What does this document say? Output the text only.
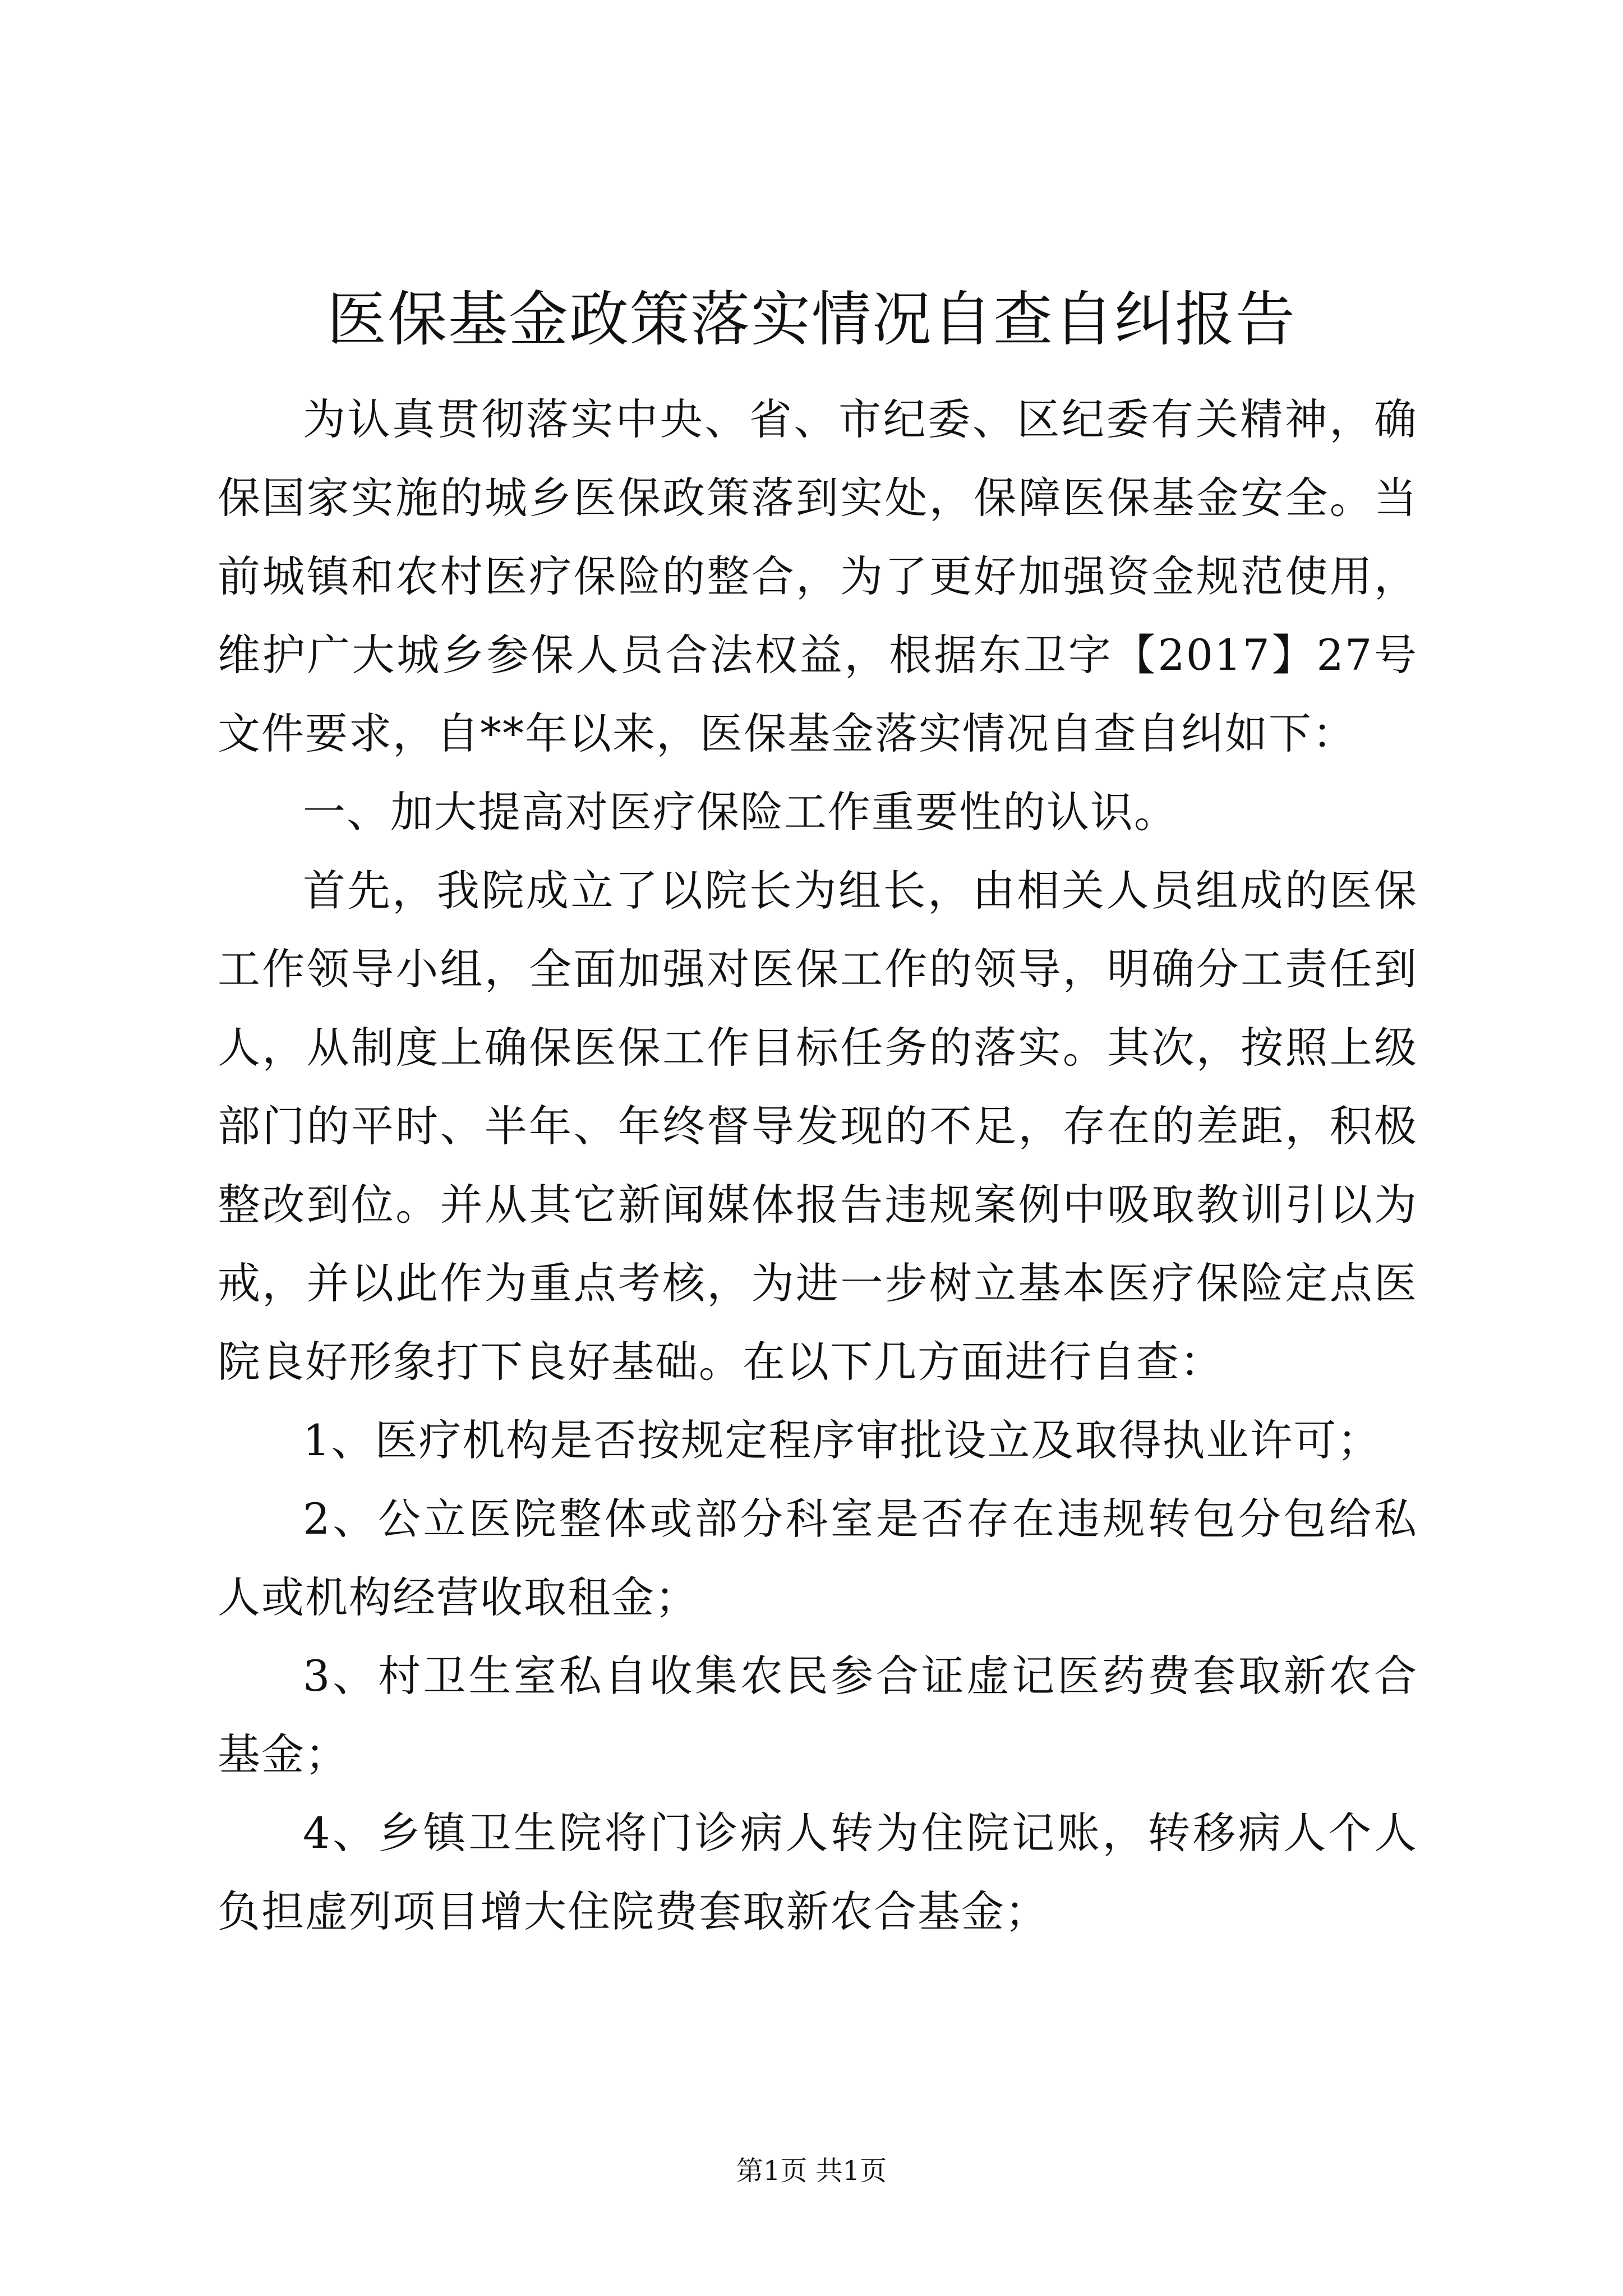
医保基金政策落实情况自查自纠报告

为认真贯彻落实中央、省、市纪委、区纪委有关精神，确保国家实施的城乡医保政策落到实处，保障医保基金安全。当前城镇和农村医疗保险的整合，为了更好加强资金规范使用，维护广大城乡参保人员合法权益，根据东卫字【2017】27号文件要求，自**年以来，医保基金落实情况自查自纠如下：

一、加大提高对医疗保险工作重要性的认识。

首先，我院成立了以院长为组长，由相关人员组成的医保工作领导小组，全面加强对医保工作的领导，明确分工责任到人，从制度上确保医保工作目标任务的落实。其次，按照上级部门的平时、半年、年终督导发现的不足，存在的差距，积极整改到位。并从其它新闻媒体报告违规案例中吸取教训引以为戒，并以此作为重点考核，为进一步树立基本医疗保险定点医院良好形象打下良好基础。在以下几方面进行自查：

1、医疗机构是否按规定程序审批设立及取得执业许可；

2、公立医院整体或部分科室是否存在违规转包分包给私人或机构经营收取租金；

3、村卫生室私自收集农民参合证虚记医药费套取新农合基金；

4、乡镇卫生院将门诊病人转为住院记账，转移病人个人负担虚列项目增大住院费套取新农合基金；

第1页 共1页
